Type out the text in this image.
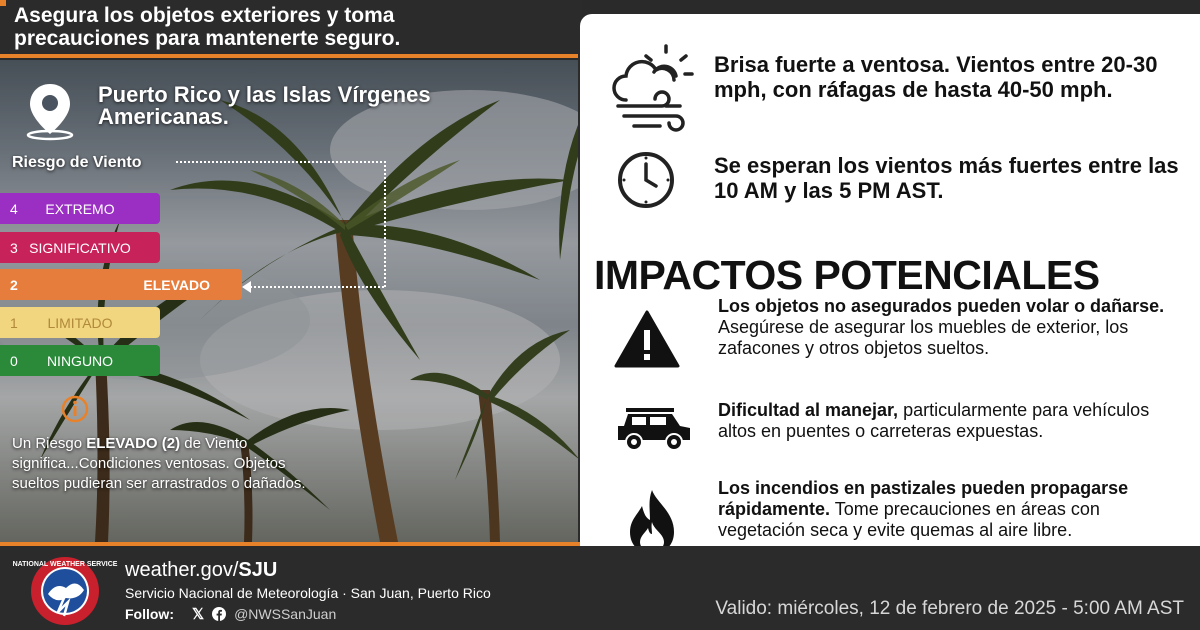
Asegura los objetos exteriores y toma
precauciones para mantenerte seguro.
Puerto Rico y las Islas Vírgenes Americanas.
Riesgo de Viento
4	EXTREMO
3 SIGNIFICATIVO
2	ELEVADO
1	LIMITADO
0	NINGUNO
Un Riesgo ELEVADO (2) de Viento significa...Condiciones ventosas. Objetos sueltos pudieran ser arrastrados o dañados.
Brisa fuerte a ventosa. Vientos entre 20-30 mph, con ráfagas de hasta 40-50 mph.
Se esperan los vientos más fuertes entre las 10 AM y las 5 PM AST.
IMPACTOS POTENCIALES
Los objetos no asegurados pueden volar o dañarse. Asegúrese de asegurar los muebles de exterior, los zafacones y otros objetos sueltos.
Dificultad al manejar, particularmente para vehículos altos en puentes o carreteras expuestas.
Los incendios en pastizales pueden propagarse rápidamente. Tome precauciones en áreas con vegetación seca y evite quemas al aire libre.
NATIONAL WEATHER SERVICE weather.gov/SJU
Servicio Nacional de Meteorología · San Juan, Puerto Rico
Follow: 𝕏 @NWSSanJuan	Valido: miércoles, 12 de febrero de 2025 - 5:00 AM AST
